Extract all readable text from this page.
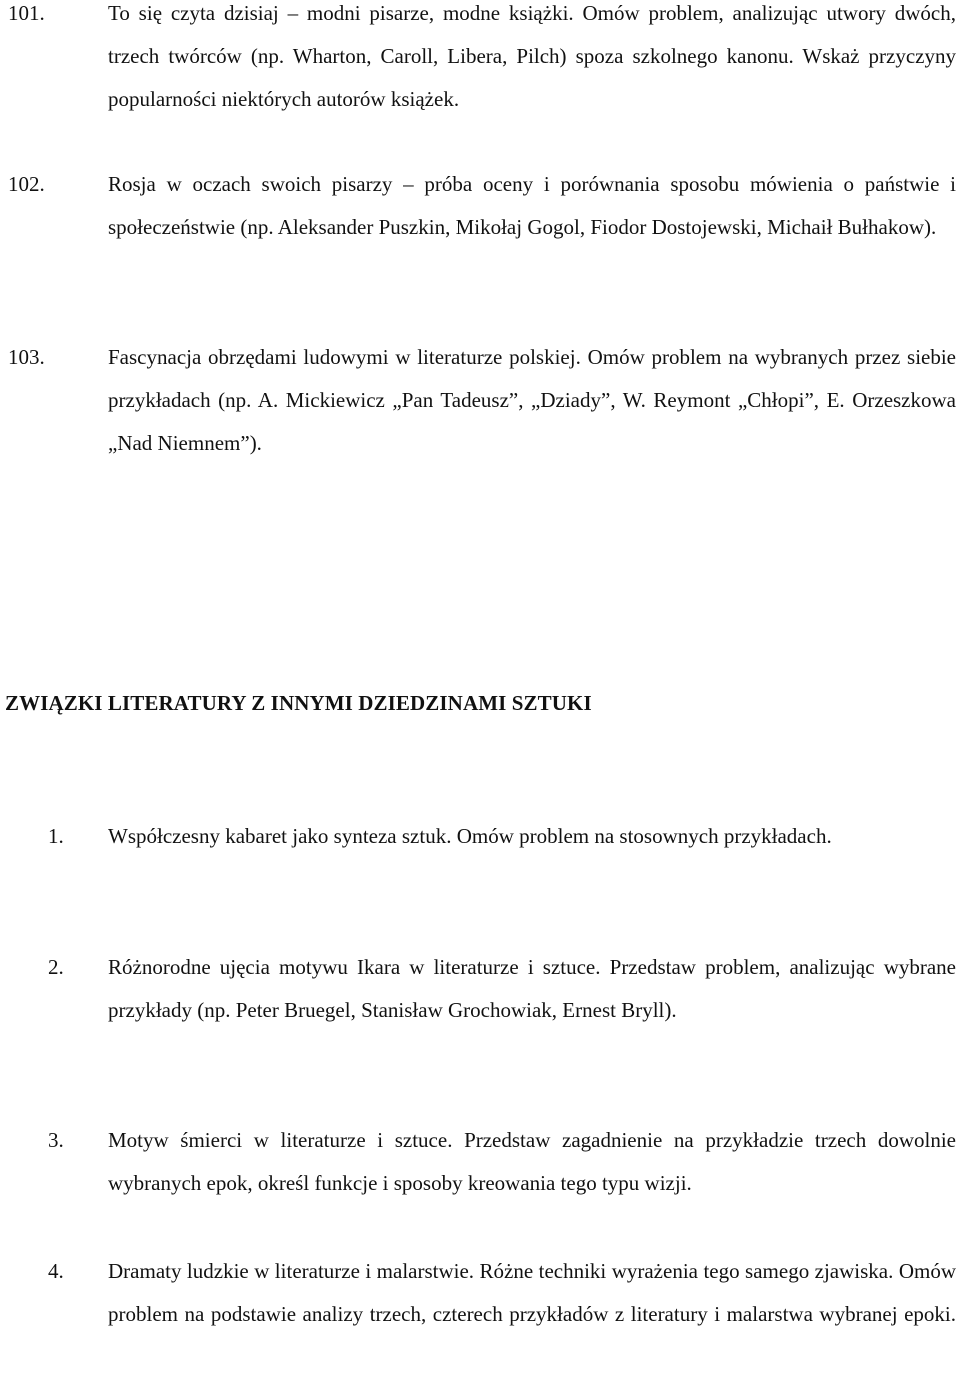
101.	To się czyta dzisiaj – modni pisarze, modne książki. Omów problem, analizując utwory dwóch, trzech twórców (np. Wharton, Caroll, Libera, Pilch) spoza szkolnego kanonu. Wskaż przyczyny popularności niektórych autorów książek.
102.	Rosja w oczach swoich pisarzy – próba oceny i porównania sposobu mówienia o państwie i społeczeństwie (np. Aleksander Puszkin, Mikołaj Gogol, Fiodor Dostojewski, Michaił Bułhakow).
103.	Fascynacja obrzędami ludowymi w literaturze polskiej. Omów problem na wybranych przez siebie przykładach (np. A. Mickiewicz „Pan Tadeusz”, „Dziady”, W. Reymont „Chłopi”, E. Orzeszkowa „Nad Niemnem”).
ZWIĄZKI LITERATURY Z INNYMI DZIEDZINAMI SZTUKI
1. Współczesny kabaret jako synteza sztuk. Omów problem na stosownych przykładach.
2. Różnorodne ujęcia motywu Ikara w literaturze i sztuce. Przedstaw problem, analizując wybrane przykłady (np. Peter Bruegel, Stanisław Grochowiak, Ernest Bryll).
3. Motyw śmierci w literaturze i sztuce. Przedstaw zagadnienie na przykładzie trzech dowolnie wybranych epok, określ funkcje i sposoby kreowania tego typu wizji.
4. Dramaty ludzkie w literaturze i malarstwie. Różne techniki wyrażenia tego samego zjawiska. Omów problem na podstawie analizy trzech, czterech przykładów z literatury i malarstwa wybranej epoki.
